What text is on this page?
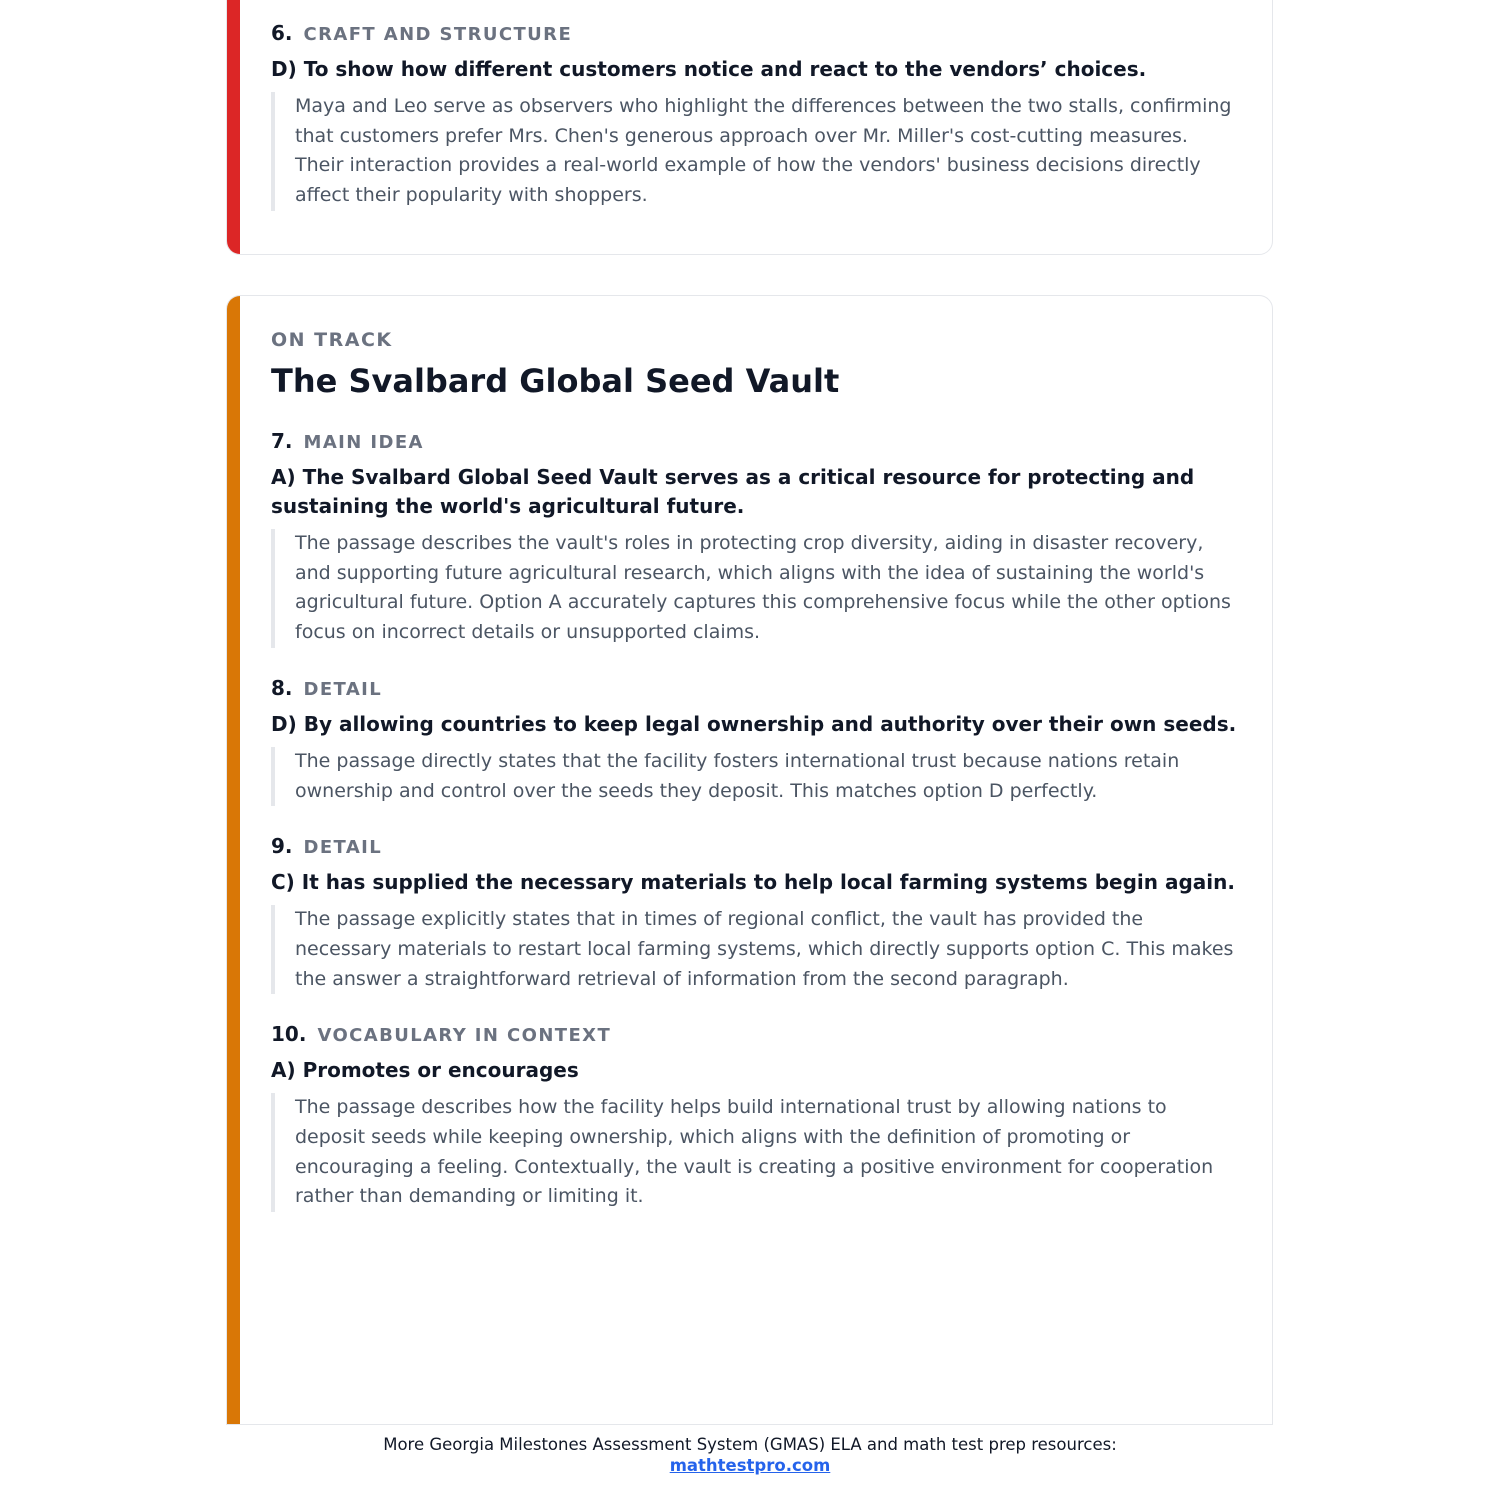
6. CRAFT AND STRUCTURE
D) To show how different customers notice and react to the vendors’ choices.
Maya and Leo serve as observers who highlight the differences between the two stalls, confirming that customers prefer Mrs. Chen's generous approach over Mr. Miller's cost-cutting measures. Their interaction provides a real-world example of how the vendors' business decisions directly affect their popularity with shoppers.
ON TRACK
The Svalbard Global Seed Vault
7. MAIN IDEA
A) The Svalbard Global Seed Vault serves as a critical resource for protecting and sustaining the world's agricultural future.
The passage describes the vault's roles in protecting crop diversity, aiding in disaster recovery, and supporting future agricultural research, which aligns with the idea of sustaining the world's agricultural future. Option A accurately captures this comprehensive focus while the other options focus on incorrect details or unsupported claims.
8. DETAIL
D) By allowing countries to keep legal ownership and authority over their own seeds.
The passage directly states that the facility fosters international trust because nations retain ownership and control over the seeds they deposit. This matches option D perfectly.
9. DETAIL
C) It has supplied the necessary materials to help local farming systems begin again.
The passage explicitly states that in times of regional conflict, the vault has provided the necessary materials to restart local farming systems, which directly supports option C. This makes the answer a straightforward retrieval of information from the second paragraph.
10. VOCABULARY IN CONTEXT
A) Promotes or encourages
The passage describes how the facility helps build international trust by allowing nations to deposit seeds while keeping ownership, which aligns with the definition of promoting or encouraging a feeling. Contextually, the vault is creating a positive environment for cooperation rather than demanding or limiting it.
More Georgia Milestones Assessment System (GMAS) ELA and math test prep resources:
mathtestpro.com
